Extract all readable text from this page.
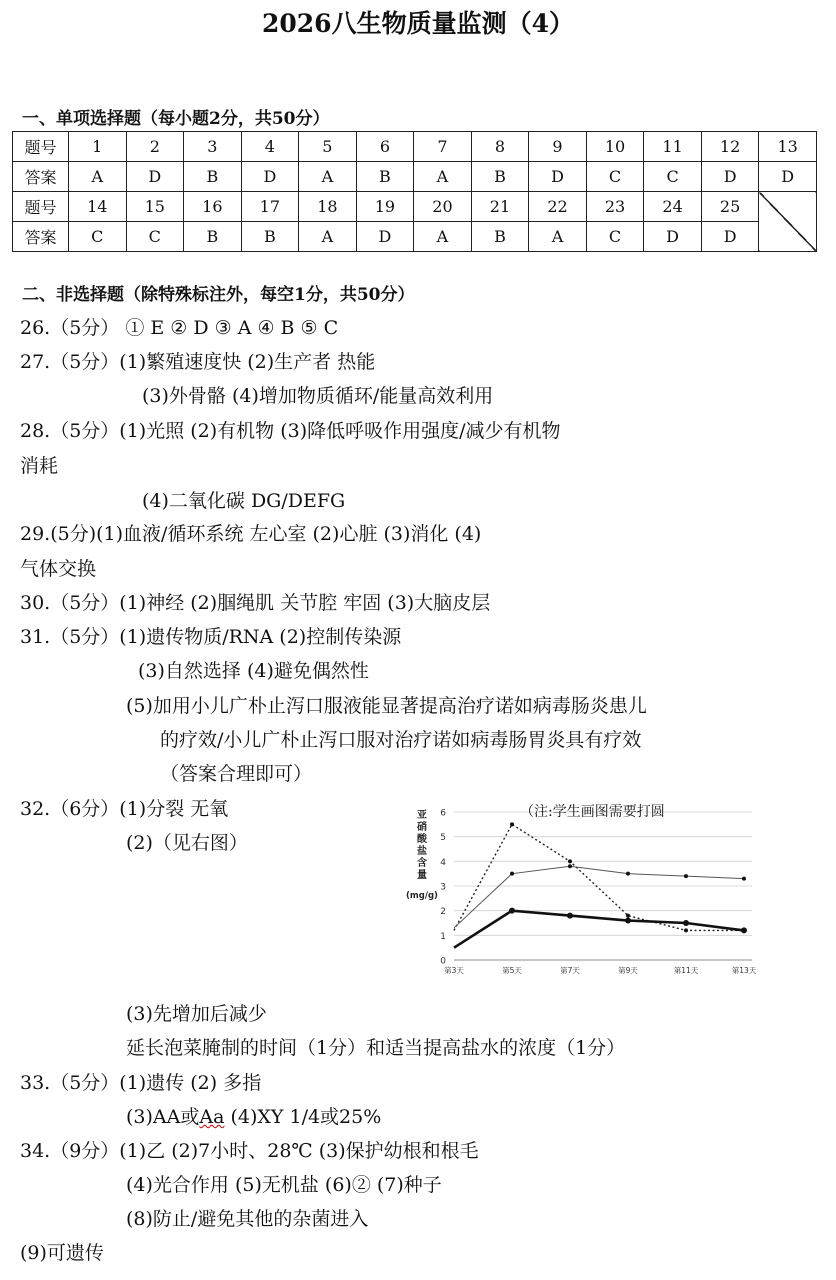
2026八生物质量监测（4）
一、单项选择题（每小题2分，共50分）
题号	1	2	3	4	5	6	7	8	9	10	11	12	13
答案	A	D	B	D	A	B	A	B	D	C	C	D	D
题号	14	15	16	17	18	19	20	21	22	23	24	25	
答案	C	C	B	B	A	D	A	B	A	C	D	D	
二、非选择题（除特殊标注外，每空1分，共50分）
26.（5分） ① E ② D ③ A ④ B ⑤ C
27.（5分）(1)繁殖速度快 (2)生产者 热能
(3)外骨骼 (4)增加物质循环/能量高效利用
28.（5分）(1)光照 (2)有机物 (3)降低呼吸作用强度/减少有机物
消耗
(4)二氧化碳 DG/DEFG
29.(5分)(1)血液/循环系统 左心室 (2)心脏 (3)消化 (4)
气体交换
30.（5分）(1)神经 (2)腘绳肌 关节腔 牢固 (3)大脑皮层
31.（5分）(1)遗传物质/RNA (2)控制传染源
(3)自然选择 (4)避免偶然性
(5)加用小儿广朴止泻口服液能显著提高治疗诺如病毒肠炎患儿
的疗效/小儿广朴止泻口服对治疗诺如病毒肠胃炎具有疗效
（答案合理即可）
32.（6分）(1)分裂 无氧
(2)（见右图）
0
1
2
3
4
5
6
第3天	第5天	第7天	第9天	第11天	第13天
亚
硝
酸
盐
含
量
(mg/g)
（注:学生画图需要打圆
(3)先增加后减少
延长泡菜腌制的时间（1分）和适当提高盐水的浓度（1分）
33.（5分）(1)遗传 (2) 多指
(3)AA或Aa (4)XY 1/4或25%
34.（9分）(1)乙 (2)7小时、28℃ (3)保护幼根和根毛
(4)光合作用 (5)无机盐 (6)② (7)种子
(8)防止/避免其他的杂菌进入
(9)可遗传
